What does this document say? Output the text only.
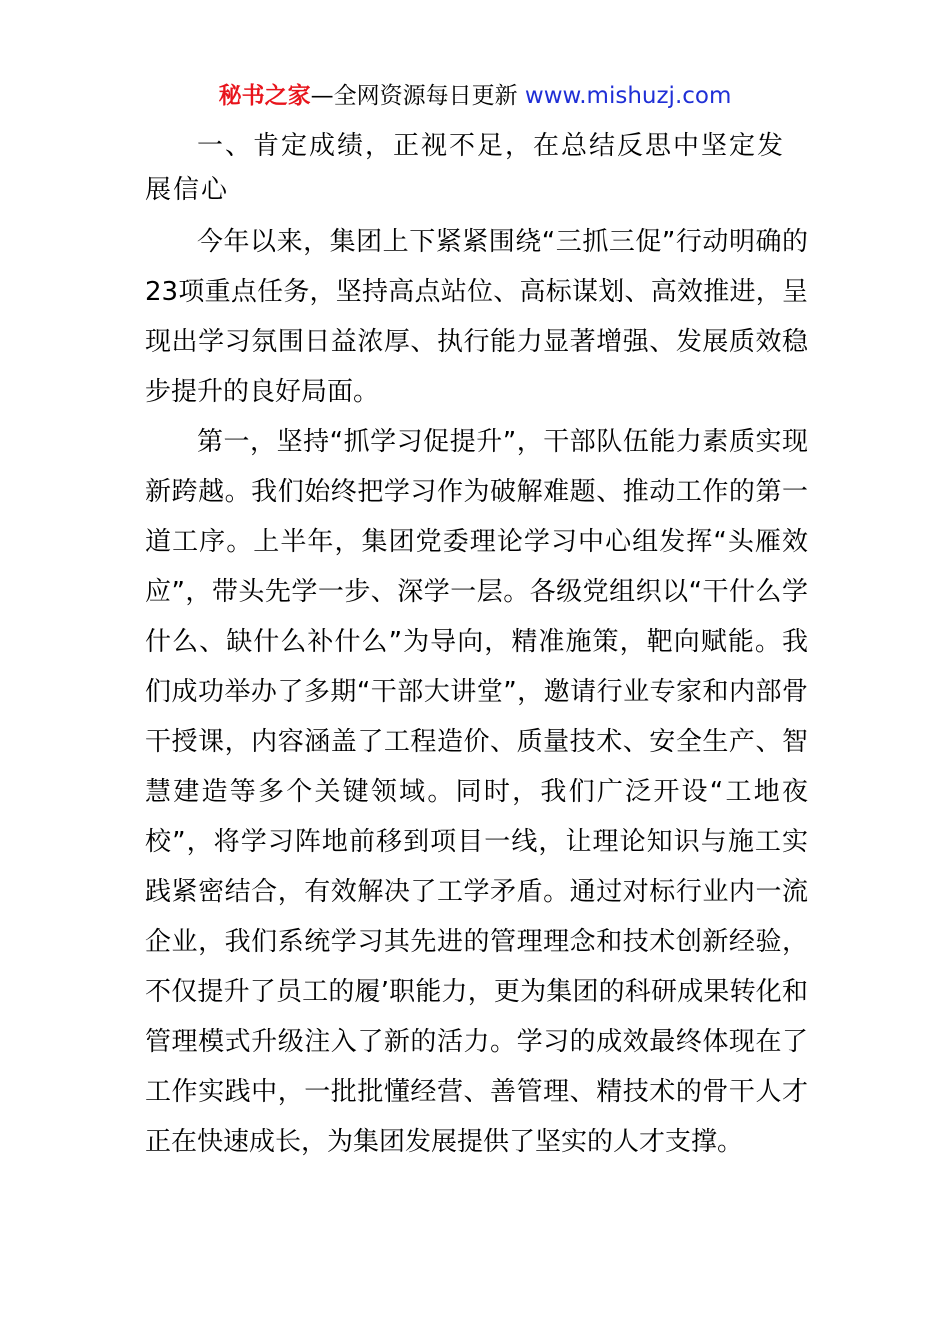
秘书之家—全网资源每日更新 www.mishuzj.com

一、肯定成绩，正视不足，在总结反思中坚定发展信心

今年以来，集团上下紧紧围绕“三抓三促”行动明确的23项重点任务，坚持高点站位、高标谋划、高效推进，呈现出学习氛围日益浓厚、执行能力显著增强、发展质效稳步提升的良好局面。

第一，坚持“抓学习促提升”，干部队伍能力素质实现新跨越。我们始终把学习作为破解难题、推动工作的第一道工序。上半年，集团党委理论学习中心组发挥“头雁效应”，带头先学一步、深学一层。各级党组织以“干什么学什么、缺什么补什么”为导向，精准施策，靶向赋能。我们成功举办了多期“干部大讲堂”，邀请行业专家和内部骨干授课，内容涵盖了工程造价、质量技术、安全生产、智慧建造等多个关键领域。同时，我们广泛开设“工地夜校”，将学习阵地前移到项目一线，让理论知识与施工实践紧密结合，有效解决了工学矛盾。通过对标行业内一流企业，我们系统学习其先进的管理理念和技术创新经验，不仅提升了员工的履’职能力，更为集团的科研成果转化和管理模式升级注入了新的活力。学习的成效最终体现在了工作实践中，一批批懂经营、善管理、精技术的骨干人才正在快速成长，为集团发展提供了坚实的人才支撑。
